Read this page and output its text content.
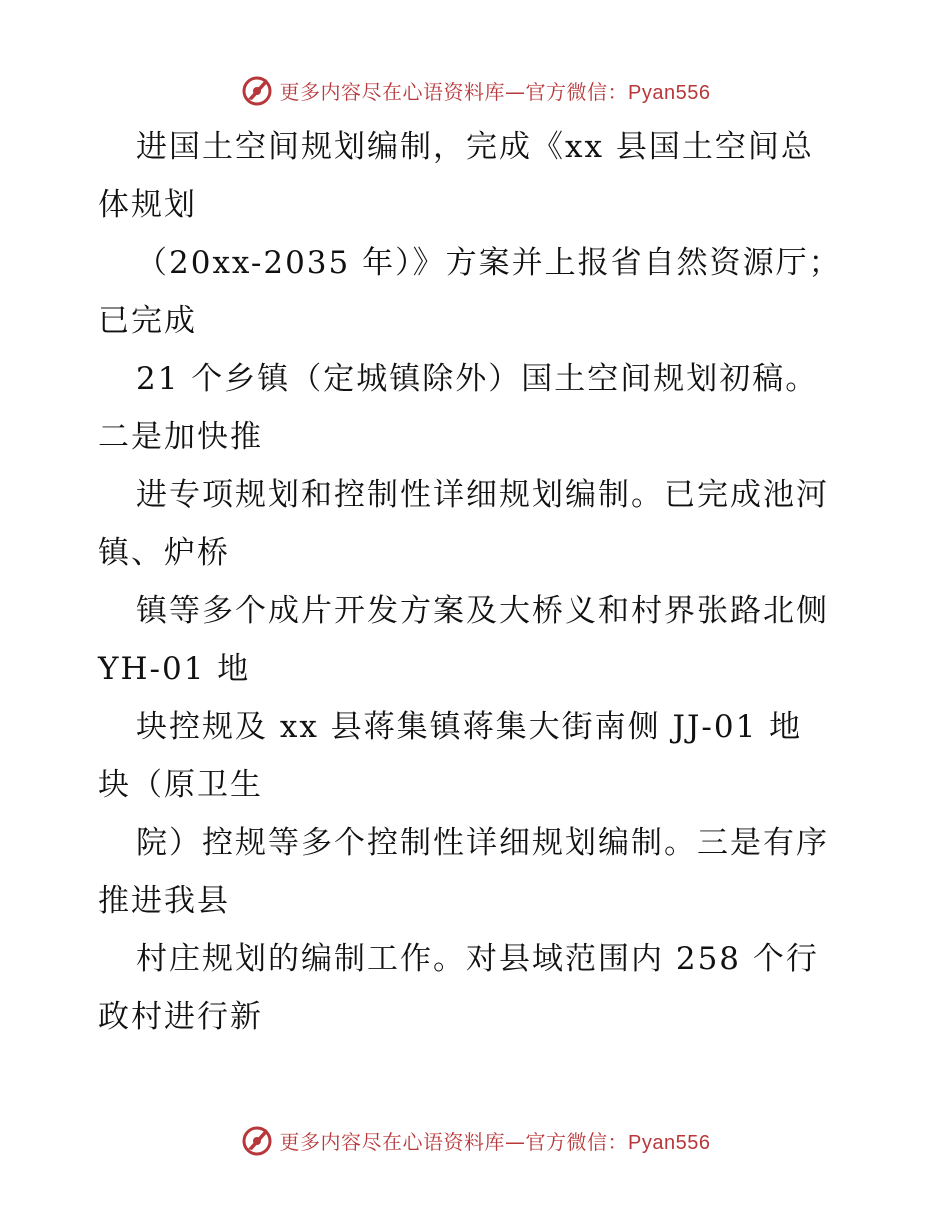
更多内容尽在心语资料库—官方微信：Pyan556
进国土空间规划编制，完成《xx 县国土空间总
体规划
（20xx-2035 年）》方案并上报省自然资源厅；
已完成
21 个乡镇（定城镇除外）国土空间规划初稿。
二是加快推
进专项规划和控制性详细规划编制。已完成池河
镇、炉桥
镇等多个成片开发方案及大桥义和村界张路北侧
YH-01 地
块控规及 xx 县蒋集镇蒋集大街南侧 JJ-01 地
块（原卫生
院）控规等多个控制性详细规划编制。三是有序
推进我县
村庄规划的编制工作。对县域范围内 258 个行
政村进行新
更多内容尽在心语资料库—官方微信：Pyan556
